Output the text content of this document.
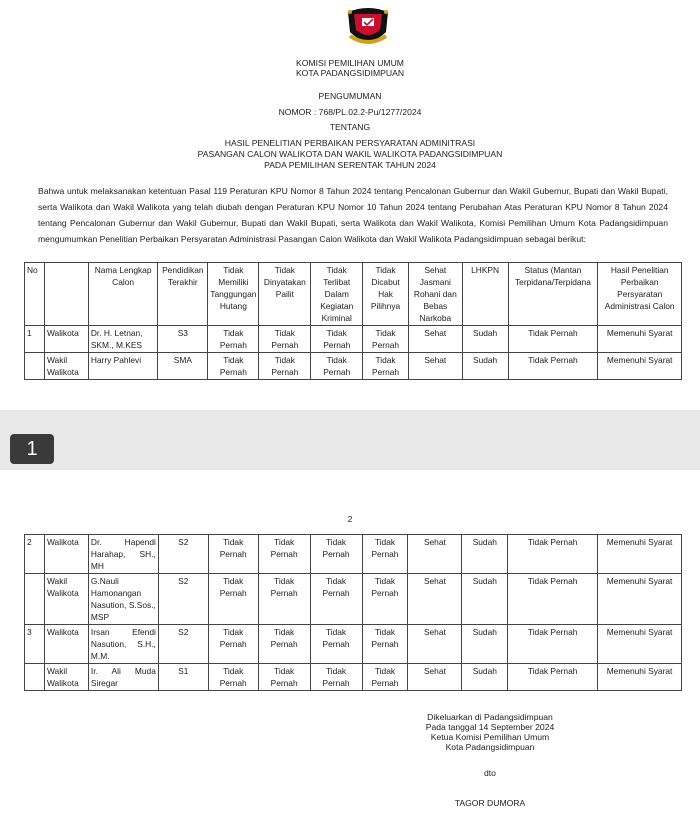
KOMISI PEMILIHAN UMUM
KOTA PADANGSIDIMPUAN
PENGUMUMAN
NOMOR : 768/PL.02.2-Pu/1277/2024
TENTANG
HASIL PENELITIAN PERBAIKAN PERSYARATAN ADMINITRASI
PASANGAN CALON WALIKOTA DAN WAKIL WALIKOTA PADANGSIDIMPUAN
PADA PEMILIHAN SERENTAK TAHUN 2024
Bahwa untuk melaksanakan ketentuan Pasal 119 Peraturan KPU Nomor 8 Tahun 2024 tentang Pencalonan Gubernur dan Wakil Gubernur, Bupati dan Wakil Bupati, serta Walikota dan Wakil Walikota yang telah diubah dengan Peraturan KPU Nomor 10 Tahun 2024 tentang Perubahan Atas Peraturan KPU Nomor 8 Tahun 2024 tentang Pencalonan Gubernur dan Wakil Gubernur, Bupati dan Wakil Bupati, serta Walikota dan Wakil Walikota, Komisi Pemilihan Umum Kota Padangsidimpuan mengumumkan Penelitian Perbaikan Persyaratan Administrasi Pasangan Calon Walikota dan Wakil Walikota Padangsidimpuan sebagai berikut:
No		Nama Lengkap Calon	Pendidikan Terakhir	Tidak Memiliki Tanggungan Hutang	Tidak Dinyatakan Pailit	Tidak Terlibat Dalam Kegiatan Kriminal	Tidak Dicabut Hak Pilihnya	Sehat Jasmani Rohani dan Bebas Narkoba	LHKPN	Status (Mantan Terpidana/Terpidana	Hasil Penelitian Perbaikan Persyaratan Administrasi Calon
1	Walikota	Dr. H. Letnan, SKM., M.KES	S3	Tidak Pernah	Tidak Pernah	Tidak Pernah	Tidak Pernah	Sehat	Sudah	Tidak Pernah	Memenuhi Syarat
	Wakil Walikota	Harry Pahlevi	SMA	Tidak Pernah	Tidak Pernah	Tidak Pernah	Tidak Pernah	Sehat	Sudah	Tidak Pernah	Memenuhi Syarat
1
2
2	Walikota	Dr. Hapendi Harahap, SH., MH	S2	Tidak Pernah	Tidak Pernah	Tidak Pernah	Tidak Pernah	Sehat	Sudah	Tidak Pernah	Memenuhi Syarat
	Wakil Walikota	G.Nauli Hamonangan Nasution, S.Sos., MSP	S2	Tidak Pernah	Tidak Pernah	Tidak Pernah	Tidak Pernah	Sehat	Sudah	Tidak Pernah	Memenuhi Syarat
3	Walikota	Irsan Efendi Nasution, S.H., M.M.	S2	Tidak Pernah	Tidak Pernah	Tidak Pernah	Tidak Pernah	Sehat	Sudah	Tidak Pernah	Memenuhi Syarat
	Wakil Walikota	Ir. Ali Muda Siregar	S1	Tidak Pernah	Tidak Pernah	Tidak Pernah	Tidak Pernah	Sehat	Sudah	Tidak Pernah	Memenuhi Syarat
Dikeluarkan di Padangsidimpuan
Pada tanggal 14 September 2024
Ketua Komisi Pemilihan Umum
Kota Padangsidimpuan
dto
TAGOR DUMORA
